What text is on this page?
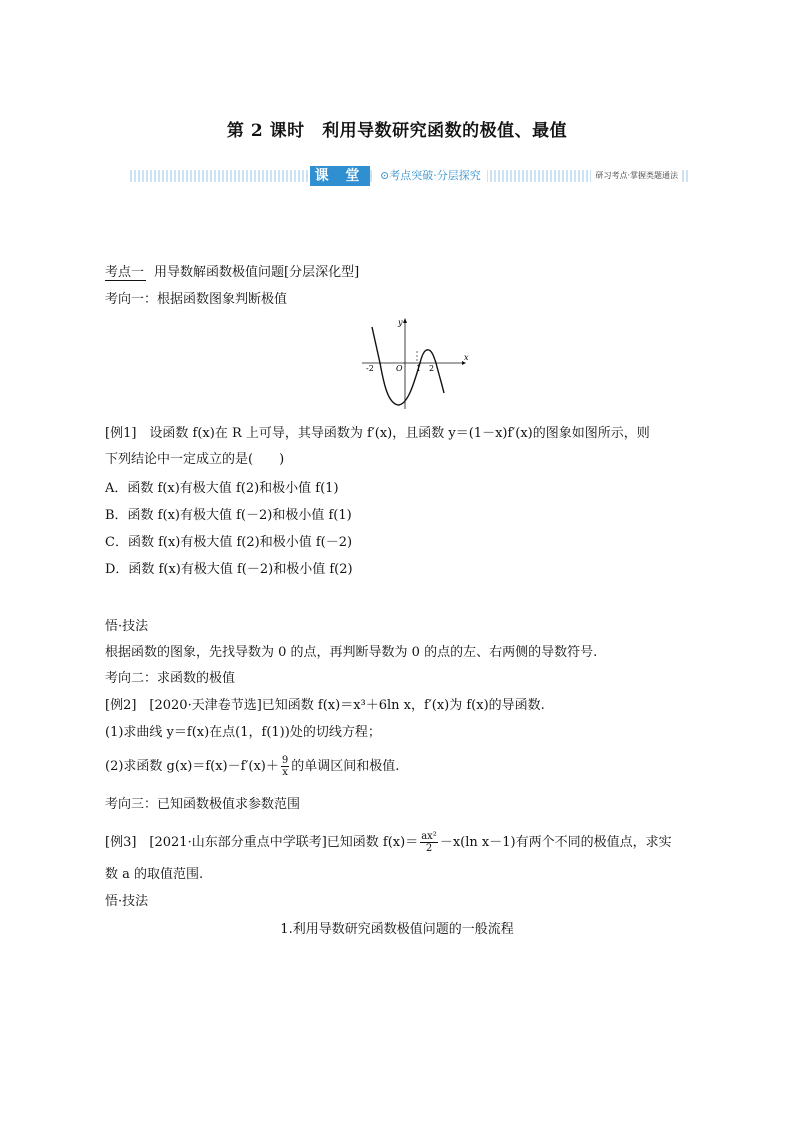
第 2 课时　利用导数研究函数的极值、最值
课 堂	⊙考点突破·分层探究	研习考点·掌握类题通法
考点一 用导数解函数极值问题[分层深化型]
考向一：根据函数图象判断极值
x
y
O
-2	1 2
[例1]　设函数 f(x)在 R 上可导，其导函数为 f′(x)，且函数 y＝(1－x)f′(x)的图象如图所示，则
下列结论中一定成立的是(　　)
A．函数 f(x)有极大值 f(2)和极小值 f(1)
B．函数 f(x)有极大值 f(－2)和极小值 f(1)
C．函数 f(x)有极大值 f(2)和极小值 f(－2)
D．函数 f(x)有极大值 f(－2)和极小值 f(2)
悟·技法
根据函数的图象，先找导数为 0 的点，再判断导数为 0 的点的左、右两侧的导数符号.
考向二：求函数的极值
[例2]　[2020·天津卷节选]已知函数 f(x)＝x³＋6ln x，f′(x)为 f(x)的导函数.
(1)求曲线 y＝f(x)在点(1，f(1))处的切线方程；
(2)求函数 $g(x)=f(x)-f'(x)+ \frac{9}{x}$ 的单调区间和极值.
考向三：已知函数极值求参数范围
[例3]　[2021·山东部分重点中学联考]已知函数 $f(x)= \frac{\text{ax²}}{2} -x(\ln$ x－1)有两个不同的极值点，求实
数 a 的取值范围.
悟·技法
1.利用导数研究函数极值问题的一般流程
